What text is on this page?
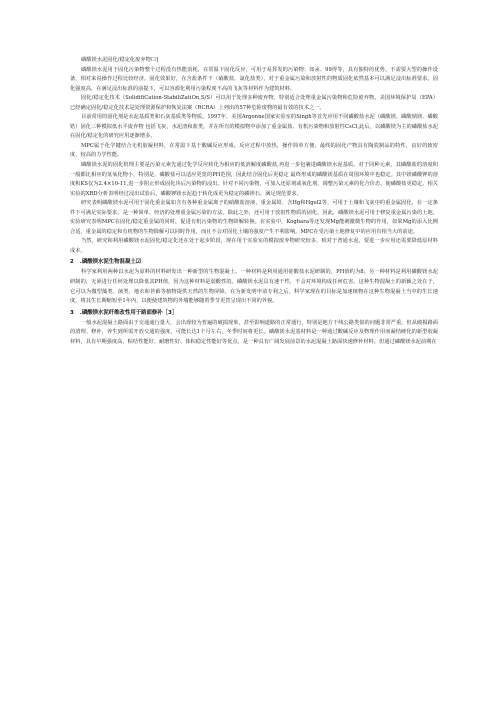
磷酸镁水泥固化/稳定化废弃物口]

磷酸镁水泥用于固化污染物整个过程没有热能消耗，在常温下固化反应，可用于易挥发的污染物；如汞、99得等，具有独特的优势。不需要大型的操作设备，相对来说操作过程比较经济。固化效果好，在含盐条件下（硝酸盐，氯化盐类），对于重金属污染和放射性的物质固化依然基本可以满足浸出标准要求。固化强度高，在满足浸出标准的前提下，可以容源化利用污染程度不高的飞灰等材料作为建筑材料。

固化/稳定化技术（SolidifiCation-StabiliZatiOn,S/S）可以用于处理多种废弃物，特别适合处理重金属污染物和危险废弃物。美国环境保护局（EPA）已经确定固化/稳定化技术是处理资源保护和恢复法案（RCRA）上列出的57种危险废物的最有效的技术之一。

目前常用的固化剂是水泥基质类和石灰基质类等物质。1997年，美国Argonne国家实验室的Singh等首先应用不同磷酸盐水泥（磷酸镁、磷酸钠镁、磷酸锆）固化三种模拟低水平废弃物 包括飞灰，水泥渣和盐类，并在所有的模拟物中添加了重金属盐、有机污染物和放射性CsCl,此后，以磷酸镁为主的磷酸盐水泥在固化/稳定化的研究应用逐渐增多。

MPC属于化学键结合无机胶凝材料，在常温下基于酸碱反应形成，反应过程中放热，操作简单方便，最终的固化产物具有陶瓷制品的特性，良好的致密度，较高的力学性能。

磷酸镁水泥的固化机理主要是污染元素先通过化学反应转化为相应的低溶解度磷酸盐,再进一步包裹进磷酸镁水泥基质。对于同种元素，其磷酸盐的溶度积一般都比相应的氢氧化物小，特别是，磷酸盐可以适应更宽的PH范围，因此结合固化后更稳定 最终形成的磷酸镁基质在周围环境中也稳定。其中镁磷酸钾的溶度积KS仅为2.4×10-11,进一步阻止形成固化块后污染物的浸出。针对不同污染物，可加入还原剂或氧化剂，调整污染元素的化合价态，使磷酸盐更稳定。相关实验的XRD分析表明经过浸出试验后，磷酸钾镁水泥趋于转化成更为稳定的磷镁石，满足规范要求。

研究表明磷酸镁水泥可用于固化重金属如含有各种重金属离子的硝酸盐溶液，重金属铅、含Hg和Hgel2等，可用于土壤和飞灰中的重金属固化，在一定条件下可满足实际要求，是一种简单、经济的处理重金属污染的方法。除此之外，还可用于放射性物质的固化。因此，磷酸镁水泥可用于修复重金属污染的土地，实验研究表明MPC在固化/稳定重金属的同时，促进有机污染物的生物降解转换。在实验中，Kogbara等还发现Mg能刺激微生物的作用，如果Mg的添入比例合适，重金属的稳定和有机物的生物降解可以同时作用，而且不会对固化土壤的强度产生不利影响。MPC在受污染土地修复中的应用有相当大的前途。

当然，研究和利用磷酸镁水泥固化/稳定化还在处于起步阶段，现在用于实验室的模拟废弃物研究较多，相对于普通水泥，要进一步应用还需要降低原材料成本。

2 .磷酸镁水泥生物混凝土⑵

科学家利用两种以水泥为原料的材料研发出一种新型的生物混凝土。一种材料是利用通用硅酸盐水泥研制的，PH值约为8；另一种材料是利用磷酸镁水泥研制的，无须进行任何处理以降低其PH值，因为这种材料是弱酸性的。磷酸镁水泥具有速干性，不会对环境构成任何危害。这种生物混凝土的新颖之处在于，它可以为微型藻类、菌类、地衣和苔藓等植物提供天然的生物屏障，在为新发明申请专利之后，科学家现在的目标是加速植物在这种生物混凝土当中的生长速度，将其生长期缩短至1年内，以便使建筑物的外墙能够随着季节更替呈现出不同的外貌。

3 .磷酸镁水泥纤维改性用于路面修补［3］

一般水泥混凝土路面由于交通通行量大，会出现较为普遍的破损现象，甚至影响道路的正常通行，特别是地方干线公路类似的问题非常严重。但从破损路面的清理、修补，养生到所需开放交通的强度，可能长达1个月左右，冬季时间将更长。磷酸镁水泥基材料是一种通过酸碱反应及物理作用而凝结硬化的新型胶凝材料，具有早期强度高、粘结性能好、耐磨性好、体积稳定性能好等优点，是一种具有广阔发展前景的水泥混凝土路面快速修补材料。但通过磷酸镁水泥前期在
